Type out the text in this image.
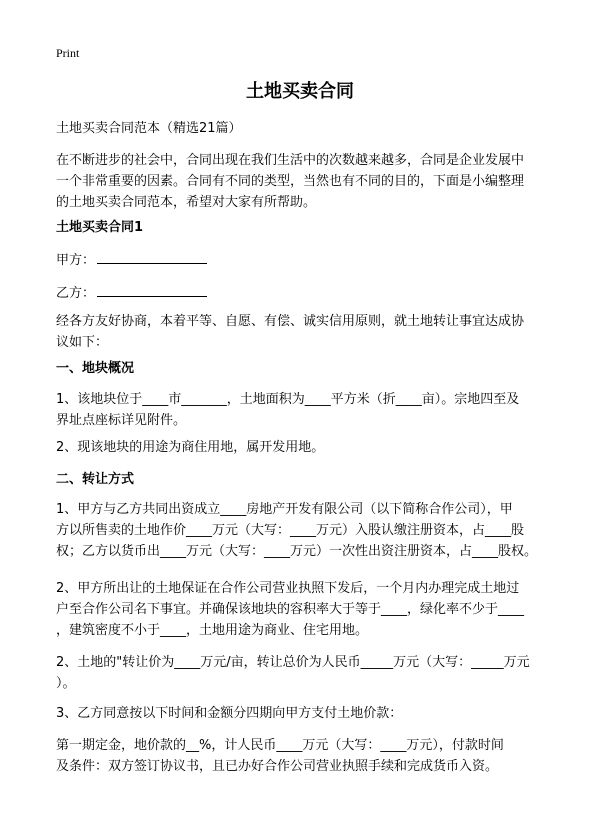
Print
土地买卖合同
土地买卖合同范本（精选21篇）
在不断进步的社会中，合同出现在我们生活中的次数越来越多，合同是企业发展中
一个非常重要的因素。合同有不同的类型，当然也有不同的目的，下面是小编整理
的土地买卖合同范本，希望对大家有所帮助。
土地买卖合同1
甲方：
乙方：
经各方友好协商，本着平等、自愿、有偿、诚实信用原则，就土地转让事宜达成协
议如下：
一、地块概况
1、该地块位于____市_______，土地面积为____平方米（折____亩）。宗地四至及
界址点座标详见附件。
2、现该地块的用途为商住用地，属开发用地。
二、转让方式
1、甲方与乙方共同出资成立____房地产开发有限公司（以下简称合作公司），甲
方以所售卖的土地作价____万元（大写：____万元）入股认缴注册资本，占____股
权；乙方以货币出____万元（大写：____万元）一次性出资注册资本，占____股权。
2、甲方所出让的土地保证在合作公司营业执照下发后，一个月内办理完成土地过
户至合作公司名下事宜。并确保该地块的容积率大于等于____，绿化率不少于____
，建筑密度不小于____，土地用途为商业、住宅用地。
2、土地的"转让价为____万元/亩，转让总价为人民币_____万元（大写：_____万元
）。
3、乙方同意按以下时间和金额分四期向甲方支付土地价款：
第一期定金，地价款的__%，计人民币____万元（大写：____万元），付款时间
及条件：双方签订协议书，且已办好合作公司营业执照手续和完成货币入资。
